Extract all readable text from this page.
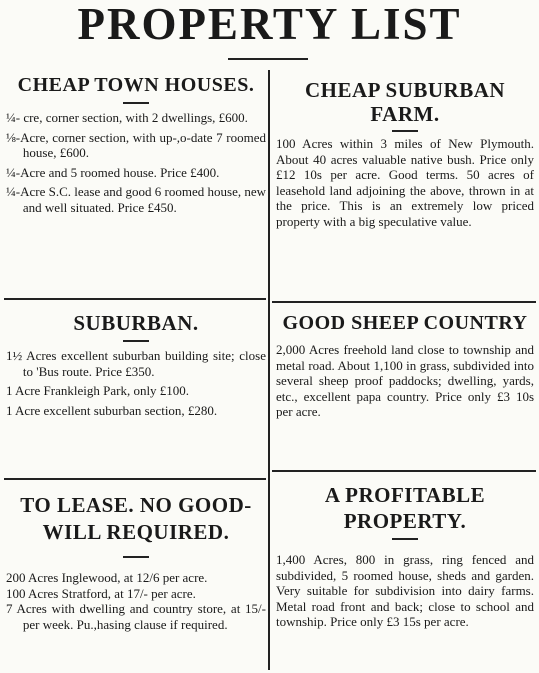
PROPERTY LIST
CHEAP TOWN HOUSES.
¼- cre, corner section, with 2 dwellings, £600.
⅛-Acre, corner section, with up-,o-date 7 roomed house, £600.
¼-Acre and 5 roomed house. Price £400.
¼-Acre S.C. lease and good 6 roomed house, new and well situated. Price £450.
SUBURBAN.
1½ Acres excellent suburban building site; close to 'Bus route. Price £350.
1 Acre Frankleigh Park, only £100.
1 Acre excellent suburban section, £280.
TO LEASE. NO GOOD-WILL REQUIRED.
200 Acres Inglewood, at 12/6 per acre.
100 Acres Stratford, at 17/- per acre.
7 Acres with dwelling and country store, at 15/- per week. Pu.,hasing clause if required.
CHEAP SUBURBAN FARM.
100 Acres within 3 miles of New Plymouth. About 40 acres valuable native bush. Price only £12 10s per acre. Good terms. 50 acres of leasehold land adjoining the above, thrown in at the price. This is an extremely low priced property with a big speculative value.
GOOD SHEEP COUNTRY
2,000 Acres freehold land close to township and metal road. About 1,100 in grass, subdivided into several sheep proof paddocks; dwelling, yards, etc., excellent papa country. Price only £3 10s per acre.
A PROFITABLE PROPERTY.
1,400 Acres, 800 in grass, ring fenced and subdivided, 5 roomed house, sheds and garden. Very suitable for subdivision into dairy farms. Metal road front and back; close to school and township. Price only £3 15s per acre.
